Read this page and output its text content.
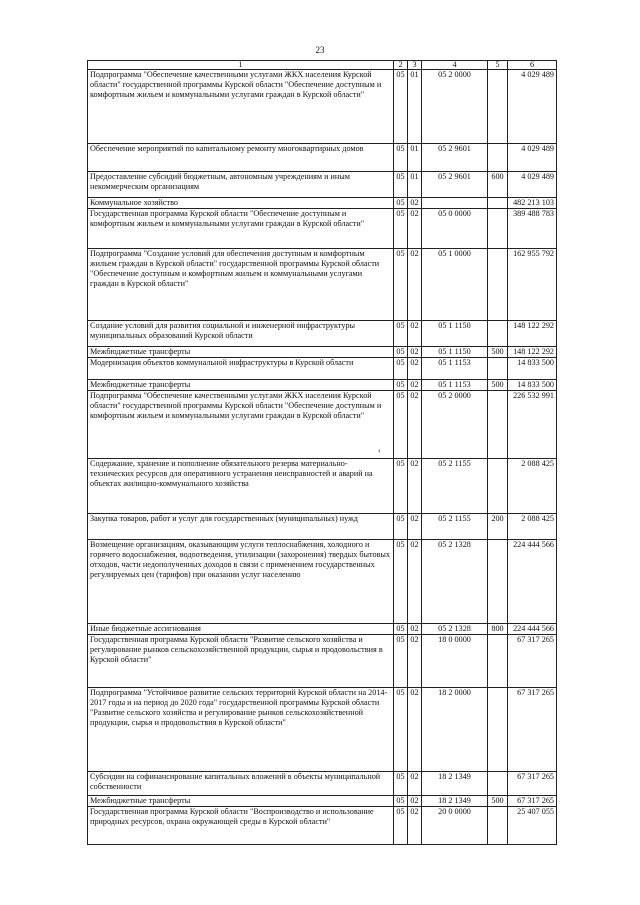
23
1	2	3	4	5	6
Подпрограмма "Обеспечение качественными услугами ЖКХ населения Курской области" государственной программы Курской области "Обеспечение доступным и комфортным жильем и коммунальными услугами граждан в Курской области"	05	01	05 2 0000		4 029 489
Обеспечение мероприятий по капитальному ремонту многоквартирных домов	05	01	05 2 9601		4 029 489
Предоставление субсидий бюджетным, автономным учреждениям и иным некоммерческим организациям	05	01	05 2 9601	600	4 029 489
Коммунальное хозяйство	05	02			482 213 103
Государственная программа Курской области "Обеспечение доступным и комфортным жильем и коммунальными услугами граждан в Курской области"	05	02	05 0 0000		389 488 783
Подпрограмма "Создание условий для обеспечения доступным и комфортным жильем граждан в Курской области" государственной программы Курской области "Обеспечение доступным и комфортным жильем и коммунальными услугами граждан в Курской области"	05	02	05 1 0000		162 955 792
Создание условий для развития социальной и инженерной инфраструктуры муниципальных образований Курской области	05	02	05 1 1150		148 122 292
Межбюджетные трансферты	05	02	05 1 1150	500	148 122 292
Модернизация объектов коммунальной инфраструктуры в Курской области	05	02	05 1 1153		14 833 500
Межбюджетные трансферты	05	02	05 1 1153	500	14 833 500
Подпрограмма "Обеспечение качественными услугами ЖКХ населения Курской области" государственной программы Курской области "Обеспечение доступным и комфортным жильем и коммунальными услугами граждан в Курской области"	05	02	05 2 0000		226 532 991
Содержание, хранение и пополнение обязательного резерва материально-технических ресурсов для оперативного устранения неисправностей и аварий на объектах жилищно-коммунального хозяйства	05	02	05 2 1155		2 088 425
Закупка товаров, работ и услуг для государственных (муниципальных) нужд	05	02	05 2 1155	200	2 088 425
Возмещение организациям, оказывающим услуги теплоснабжения, холодного и горячего водоснабжения, водоотведения, утилизации (захоронения) твердых бытовых отходов, части недополученных доходов в связи с применением государственных регулируемых цен (тарифов) при оказании услуг населению	05	02	05 2 1328		224 444 566
Иные бюджетные ассигнования	05	02	05 2 1328	800	224 444 566
Государственная программа Курской области "Развитие сельского хозяйства и регулирование рынков сельскохозяйственной продукции, сырья и продовольствия в Курской области"	05	02	18 0 0000		67 317 265
Подпрограмма "Устойчивое развитие сельских территорий Курской области на 2014-2017 годы и на период до 2020 года" государственной программы Курской области "Развитие сельского хозяйства и регулирование рынков сельскохозяйственной продукции, сырья и продовольствия в Курской области"	05	02	18 2 0000		67 317 265
Субсидии на софинансирование капитальных вложений в объекты муниципальной собственности	05	02	18 2 1349		67 317 265
Межбюджетные трансферты	05	02	18 2 1349	500	67 317 265
Государственная программа Курской области "Воспроизводство и использование природных ресурсов, охрана окружающей среды в Курской области"	05	02	20 0 0000		25 407 055
‹
